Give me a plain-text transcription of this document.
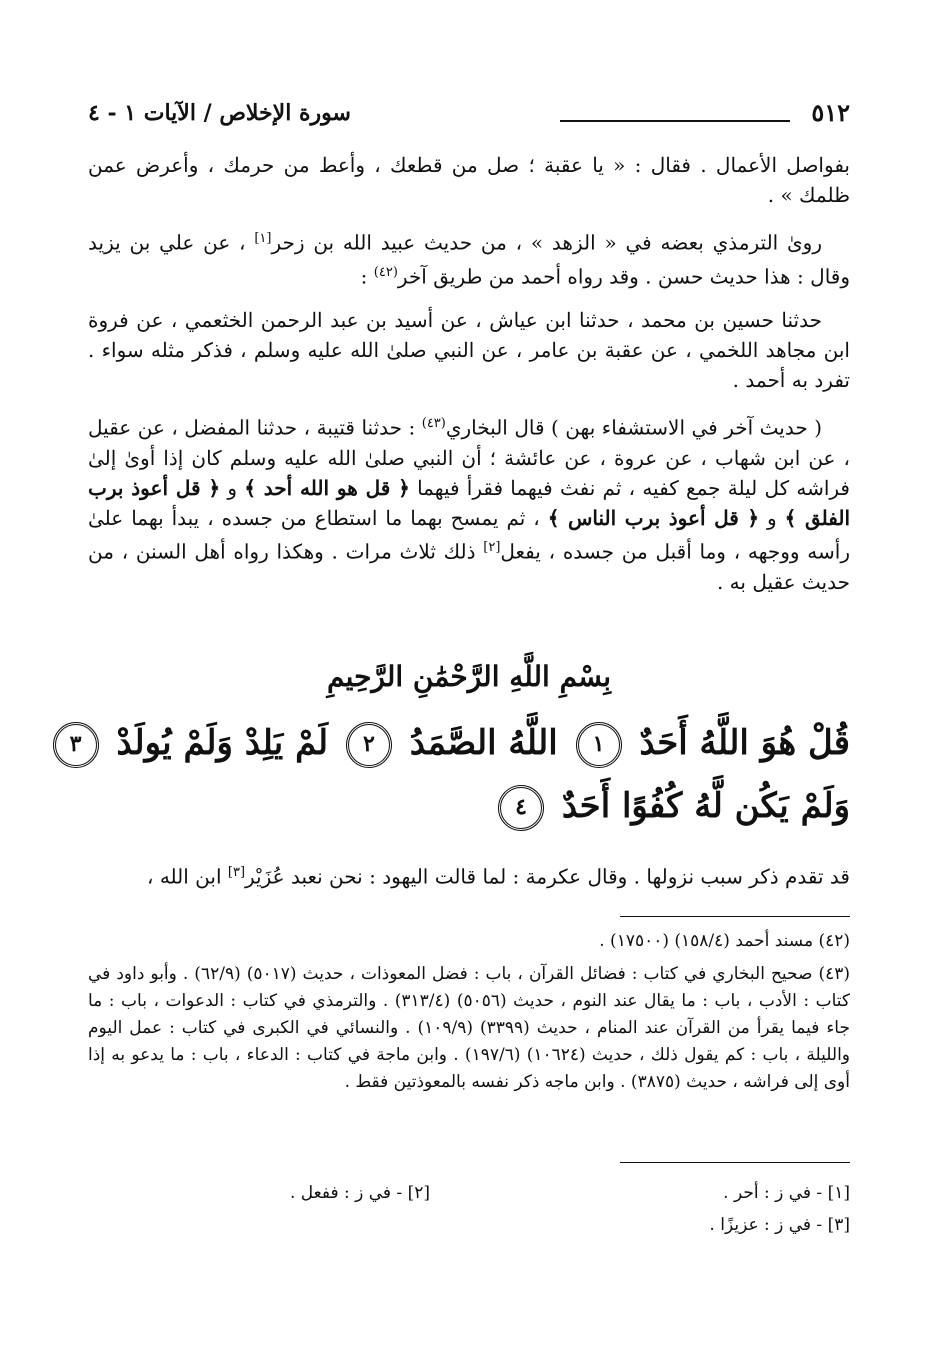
٥١٢
سورة الإخلاص / الآيات ١ - ٤

بفواصل الأعمال . فقال : « يا عقبة ؛ صل من قطعك ، وأعط من حرمك ، وأعرض عمن ظلمك » .

روىٰ الترمذي بعضه في « الزهد » ، من حديث عبيد الله بن زحر[١] ، عن علي بن يزيد وقال : هذا حديث حسن . وقد رواه أحمد من طريق آخر$^{(٤٢)}$ :

حدثنا حسين بن محمد ، حدثنا ابن عياش ، عن أسيد بن عبد الرحمن الخثعمي ، عن فروة ابن مجاهد اللخمي ، عن عقبة بن عامر ، عن النبي صلىٰ الله عليه وسلم ، فذكر مثله سواء . تفرد به أحمد .

( حديث آخر في الاستشفاء بهن ) قال البخاري$^{(٤٣)}$ : حدثنا قتيبة ، حدثنا المفضل ، عن عقيل ، عن ابن شهاب ، عن عروة ، عن عائشة ؛ أن النبي صلىٰ الله عليه وسلم كان إذا أوىٰ إلىٰ فراشه كل ليلة جمع كفيه ، ثم نفث فيهما فقرأ فيهما ﴿ قل هو الله أحد ﴾ و ﴿ قل أعوذ برب الفلق ﴾ و ﴿ قل أعوذ برب الناس ﴾ ، ثم يمسح بهما ما استطاع من جسده ، يبدأ بهما علىٰ رأسه ووجهه ، وما أقبل من جسده ، يفعل[٢] ذلك ثلاث مرات . وهكذا رواه أهل السنن ، من حديث عقيل به .

بِسْمِ اللَّهِ الرَّحْمَٰنِ الرَّحِيمِ
قُلْ هُوَ اللَّهُ أَحَدٌ ١ اللَّهُ الصَّمَدُ ٢ لَمْ يَلِدْ وَلَمْ يُولَدْ ٣
وَلَمْ يَكُن لَّهُ كُفُوًا أَحَدٌ ٤
قد تقدم ذكر سبب نزولها . وقال عكرمة : لما قالت اليهود : نحن نعبد عُزَيْر[٣] ابن الله ،

(٤٢) مسند أحمد (١٥٨/٤) (١٧٥٠٠) .

(٤٣) صحيح البخاري في كتاب : فضائل القرآن ، باب : فضل المعوذات ، حديث (٥٠١٧) (٦٢/٩) . وأبو داود في كتاب : الأدب ، باب : ما يقال عند النوم ، حديث (٥٠٥٦) (٣١٣/٤) . والترمذي في كتاب : الدعوات ، باب : ما جاء فيما يقرأ من القرآن عند المنام ، حديث (٣٣٩٩) (١٠٩/٩) . والنسائي في الكبرى في كتاب : عمل اليوم والليلة ، باب : كم يقول ذلك ، حديث (١٠٦٢٤) (١٩٧/٦) . وابن ماجة في كتاب : الدعاء ، باب : ما يدعو به إذا أوى إلى فراشه ، حديث (٣٨٧٥) . وابن ماجه ذكر نفسه بالمعوذتين فقط .

[١] - في ز : أحر .
[٢] - في ز : ففعل .
[٣] - في ز : عزيزًا .
